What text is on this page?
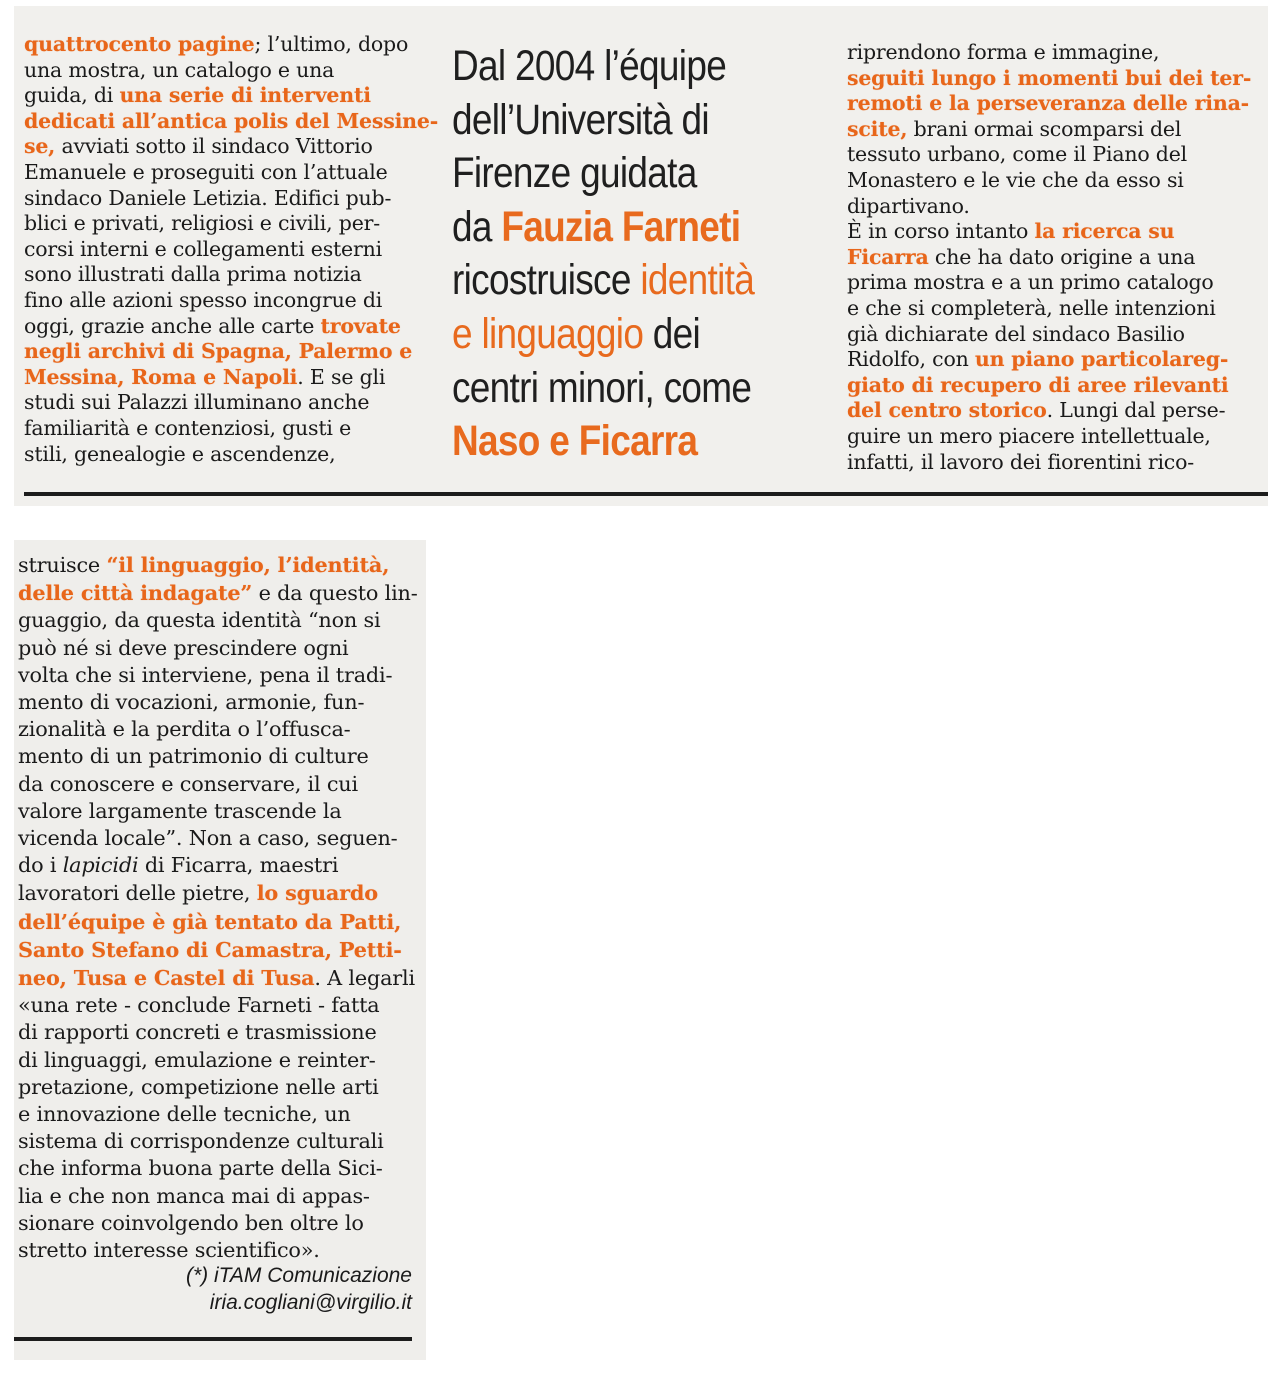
quattrocento pagine; l’ultimo, dopo
una mostra, un catalogo e una
guida, di una serie di interventi
dedicati all’antica polis del Messine-
se, avviati sotto il sindaco Vittorio
Emanuele e proseguiti con l’attuale
sindaco Daniele Letizia. Edifici pub-
blici e privati, religiosi e civili, per-
corsi interni e collegamenti esterni
sono illustrati dalla prima notizia
fino alle azioni spesso incongrue di
oggi, grazie anche alle carte trovate
negli archivi di Spagna, Palermo e
Messina, Roma e Napoli. E se gli
studi sui Palazzi illuminano anche
familiarità e contenziosi, gusti e
stili, genealogie e ascendenze,
Dal 2004 l’équipe
dell’Università di
Firenze guidata
da Fauzia Farneti
ricostruisce identità
e linguaggio dei
centri minori, come
Naso e Ficarra
riprendono forma e immagine,
seguiti lungo i momenti bui dei ter-
remoti e la perseveranza delle rina-
scite, brani ormai scomparsi del
tessuto urbano, come il Piano del
Monastero e le vie che da esso si
dipartivano.
È in corso intanto la ricerca su
Ficarra che ha dato origine a una
prima mostra e a un primo catalogo
e che si completerà, nelle intenzioni
già dichiarate del sindaco Basilio
Ridolfo, con un piano particolareg-
giato di recupero di aree rilevanti
del centro storico. Lungi dal perse-
guire un mero piacere intellettuale,
infatti, il lavoro dei fiorentini rico-
struisce “il linguaggio, l’identità,
delle città indagate” e da questo lin-
guaggio, da questa identità “non si
può né si deve prescindere ogni
volta che si interviene, pena il tradi-
mento di vocazioni, armonie, fun-
zionalità e la perdita o l’offusca-
mento di un patrimonio di culture
da conoscere e conservare, il cui
valore largamente trascende la
vicenda locale”. Non a caso, seguen-
do i lapicidi di Ficarra, maestri
lavoratori delle pietre, lo sguardo
dell’équipe è già tentato da Patti,
Santo Stefano di Camastra, Petti-
neo, Tusa e Castel di Tusa. A legarli
«una rete - conclude Farneti - fatta
di rapporti concreti e trasmissione
di linguaggi, emulazione e reinter-
pretazione, competizione nelle arti
e innovazione delle tecniche, un
sistema di corrispondenze culturali
che informa buona parte della Sici-
lia e che non manca mai di appas-
sionare coinvolgendo ben oltre lo
stretto interesse scientifico».
(*) iTAM Comunicazione
iria.cogliani@virgilio.it
